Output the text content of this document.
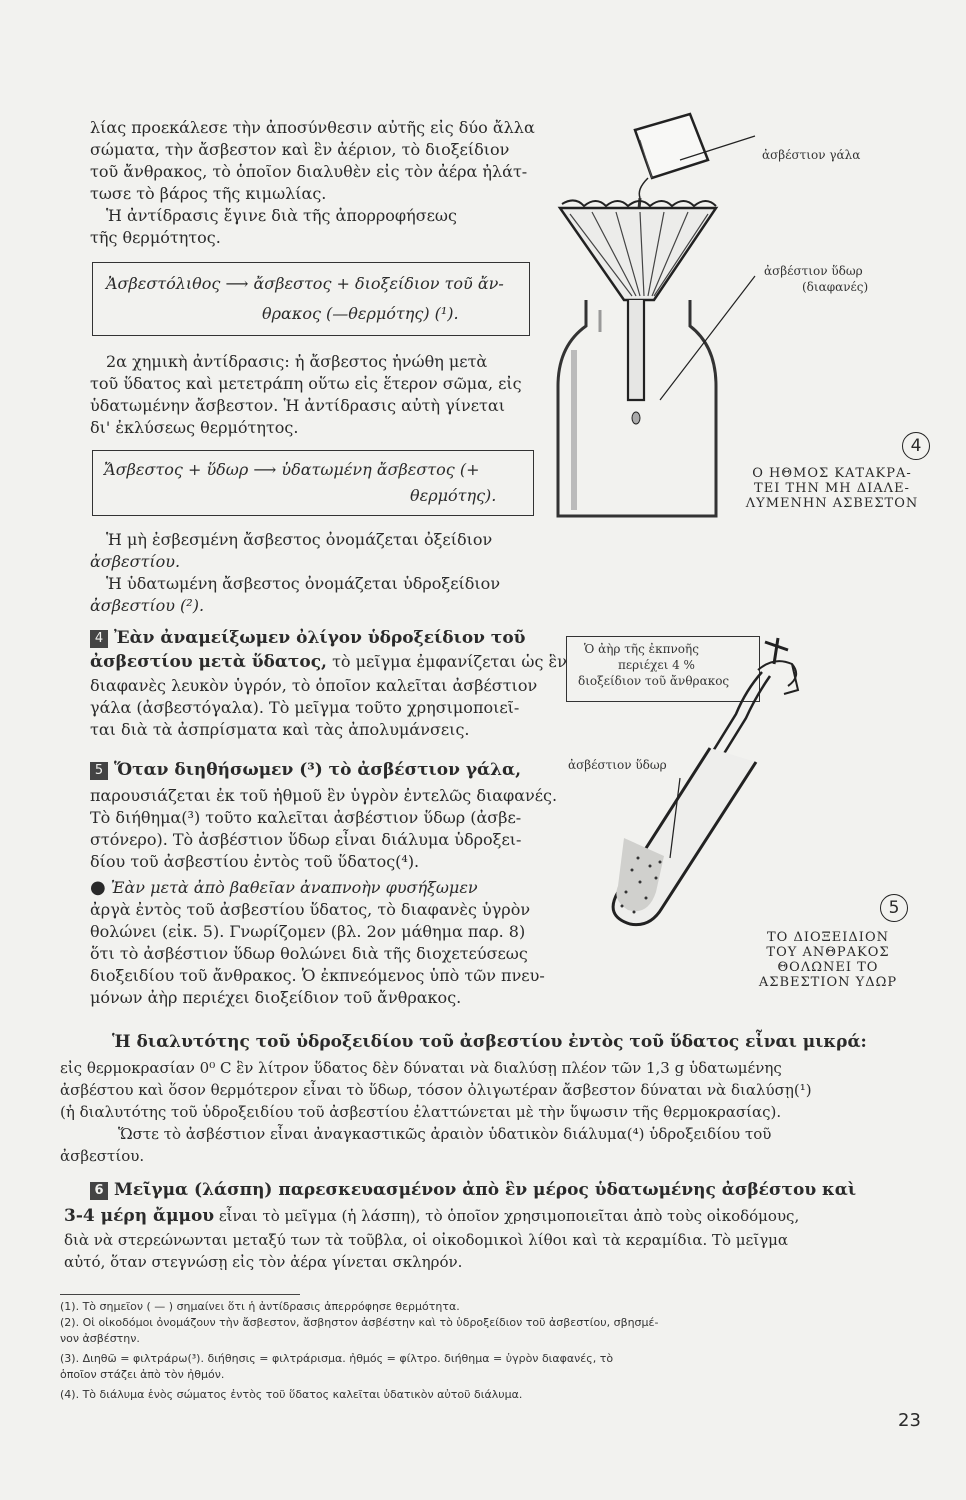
λίας προεκάλεσε τὴν ἀποσύνθεσιν αὐτῆς εἰς δύο ἄλλα
σώματα, τὴν ἄσβεστον καὶ ἓν ἀέριον, τὸ διοξείδιον
τοῦ ἄνθρακος, τὸ ὁποῖον διαλυθὲν εἰς τὸν ἀέρα ἠλάτ-
τωσε τὸ βάρος τῆς κιμωλίας.
Ἡ ἀντίδρασις ἔγινε διὰ τῆς ἀπορροφήσεως
τῆς θερμότητος.
Ἀσβεστόλιθος ⟶ ἄσβεστος + διοξείδιον τοῦ ἄν-
θρακος (—θερμότης) (¹).
2α χημικὴ ἀντίδρασις: ἡ ἄσβεστος ἡνώθη μετὰ
τοῦ ὕδατος καὶ μετετράπη οὕτω εἰς ἕτερον σῶμα, εἰς
ὑδατωμένην ἄσβεστον. Ἡ ἀντίδρασις αὐτὴ γίνεται
δι' ἐκλύσεως θερμότητος.
Ἄσβεστος + ὕδωρ ⟶ ὑδατωμένη ἄσβεστος (+
θερμότης).
Ἡ μὴ ἐσβεσμένη ἄσβεστος ὀνομάζεται ὀξείδιον
ἀσβεστίου.
Ἡ ὑδατωμένη ἄσβεστος ὀνομάζεται ὑδροξείδιον
ἀσβεστίου (²).
4 Ἐὰν ἀναμείξωμεν ὀλίγον ὑδροξείδιον τοῦ
ἀσβεστίου μετὰ ὕδατος, τὸ μεῖγμα ἐμφανίζεται ὡς ἓν
διαφανὲς λευκὸν ὑγρόν, τὸ ὁποῖον καλεῖται ἀσβέστιον
γάλα (ἀσβεστόγαλα). Τὸ μεῖγμα τοῦτο χρησιμοποιεῖ-
ται διὰ τὰ ἀσπρίσματα καὶ τὰς ἀπολυμάνσεις.
5 Ὅταν διηθήσωμεν (³) τὸ ἀσβέστιον γάλα,
παρουσιάζεται ἐκ τοῦ ἠθμοῦ ἓν ὑγρὸν ἐντελῶς διαφανές.
Τὸ διήθημα(³) τοῦτο καλεῖται ἀσβέστιον ὕδωρ (ἀσβε-
στόνερο). Τὸ ἀσβέστιον ὕδωρ εἶναι διάλυμα ὑδροξει-
δίου τοῦ ἀσβεστίου ἐντὸς τοῦ ὕδατος(⁴).
● Ἐὰν μετὰ ἀπὸ βαθεῖαν ἀναπνοὴν φυσήξωμεν
ἀργὰ ἐντὸς τοῦ ἀσβεστίου ὕδατος, τὸ διαφανὲς ὑγρὸν
θολώνει (εἰκ. 5). Γνωρίζομεν (βλ. 2ον μάθημα παρ. 8)
ὅτι τὸ ἀσβέστιον ὕδωρ θολώνει διὰ τῆς διοχετεύσεως
διοξειδίου τοῦ ἄνθρακος. Ὁ ἐκπνεόμενος ὑπὸ τῶν πνευ-
μόνων ἀὴρ περιέχει διοξείδιον τοῦ ἄνθρακος.
Ἡ διαλυτότης τοῦ ὑδροξειδίου τοῦ ἀσβεστίου ἐντὸς τοῦ ὕδατος εἶναι μικρά:
εἰς θερμοκρασίαν 0⁰ C ἓν λίτρον ὕδατος δὲν δύναται νὰ διαλύσῃ πλέον τῶν 1,3 g ὑδατωμένης
ἀσβέστου καὶ ὅσον θερμότερον εἶναι τὸ ὕδωρ, τόσον ὀλιγωτέραν ἄσβεστον δύναται νὰ διαλύσῃ(¹)
(ἡ διαλυτότης τοῦ ὑδροξειδίου τοῦ ἀσβεστίου ἐλαττώνεται μὲ τὴν ὕψωσιν τῆς θερμοκρασίας).
Ὥστε τὸ ἀσβέστιον εἶναι ἀναγκαστικῶς ἀραιὸν ὑδατικὸν διάλυμα(⁴) ὑδροξειδίου τοῦ
ἀσβεστίου.
6 Μεῖγμα (λάσπη) παρεσκευασμένον ἀπὸ ἓν μέρος ὑδατωμένης ἀσβέστου καὶ
3-4 μέρη ἄμμου εἶναι τὸ μεῖγμα (ἡ λάσπη), τὸ ὁποῖον χρησιμοποιεῖται ἀπὸ τοὺς οἰκοδόμους,
διὰ νὰ στερεώνωνται μεταξύ των τὰ τοῦβλα, οἱ οἰκοδομικοὶ λίθοι καὶ τὰ κεραμίδια. Τὸ μεῖγμα
αὐτό, ὅταν στεγνώσῃ εἰς τὸν ἀέρα γίνεται σκληρόν.
(1). Τὸ σημεῖον ( — ) σημαίνει ὅτι ἡ ἀντίδρασις ἀπερρόφησε θερμότητα.
(2). Οἱ οἰκοδόμοι ὀνομάζουν τὴν ἄσβεστον, ἄσβηστον ἀσβέστην καὶ τὸ ὑδροξείδιον τοῦ ἀσβεστίου, σβησμέ-
νον ἀσβέστην.
(3). Διηθῶ = φιλτράρω(³). διήθησις = φιλτράρισμα. ἠθμός = φίλτρο. διήθημα = ὑγρὸν διαφανές, τὸ
ὁποῖον στάζει ἀπὸ τὸν ἠθμόν.
(4). Τὸ διάλυμα ἑνὸς σώματος ἐντὸς τοῦ ὕδατος καλεῖται ὑδατικὸν αὐτοῦ διάλυμα.
23
ἀσβέστιον γάλα
ἀσβέστιον ὕδωρ
(διαφανές)
4
Ο ΗΘΜΟΣ ΚΑΤΑΚΡΑ-
ΤΕΙ ΤΗΝ ΜΗ ΔΙΑΛΕ-
ΛΥΜΕΝΗΝ ΑΣΒΕΣΤΟΝ
Ὁ ἀὴρ τῆς ἐκπνοῆς
περιέχει 4 %
διοξείδιον τοῦ ἄνθρακος
ἀσβέστιον ὕδωρ
5
ΤΟ ΔΙΟΞΕΙΔΙΟΝ
ΤΟΥ ΑΝΘΡΑΚΟΣ
ΘΟΛΩΝΕΙ ΤΟ
ΑΣΒΕΣΤΙΟΝ ΥΔΩΡ
